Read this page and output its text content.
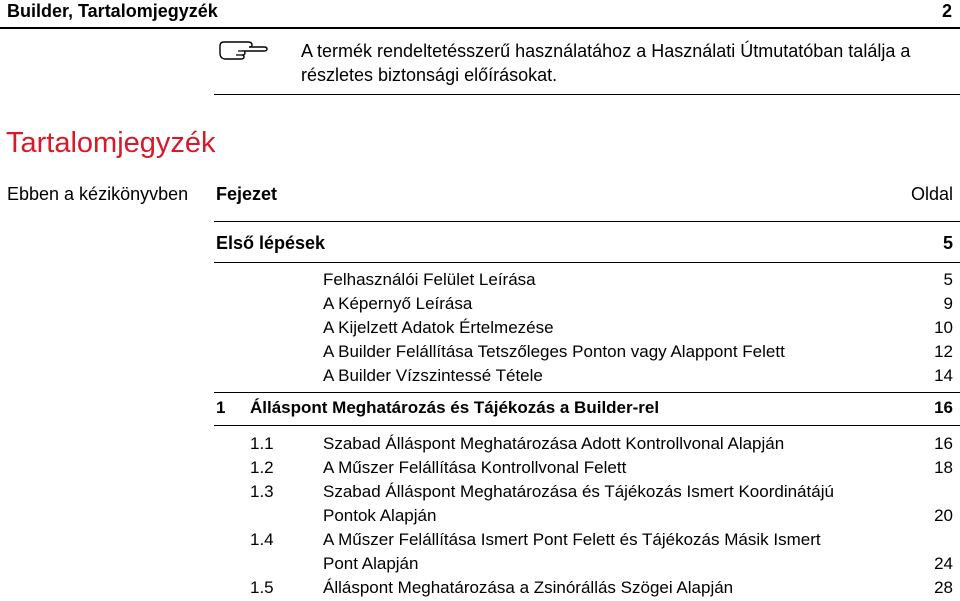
Builder, Tartalomjegyzék	2
A termék rendeltetésszerű használatához a Használati Útmutatóban találja a részletes biztonsági előírásokat.
Tartalomjegyzék
Ebben a kézikönyvben Fejezet	Oldal
Első lépések	5
Felhasználói Felület Leírása	5
A Képernyő Leírása	9
A Kijelzett Adatok Értelmezése	10
A Builder Felállítása Tetszőleges Ponton vagy Alappont Felett	12
A Builder Vízszintessé Tétele	14
1 Álláspont Meghatározás és Tájékozás a Builder-rel	16
1.1	Szabad Álláspont Meghatározása Adott Kontrollvonal Alapján	16
1.2	A Műszer Felállítása Kontrollvonal Felett	18
1.3	Szabad Álláspont Meghatározása és Tájékozás Ismert Koordinátájú
Pontok Alapján	20
1.4	A Műszer Felállítása Ismert Pont Felett és Tájékozás Másik Ismert
Pont Alapján	24
1.5	Álláspont Meghatározása a Zsinórállás Szögei Alapján	28
